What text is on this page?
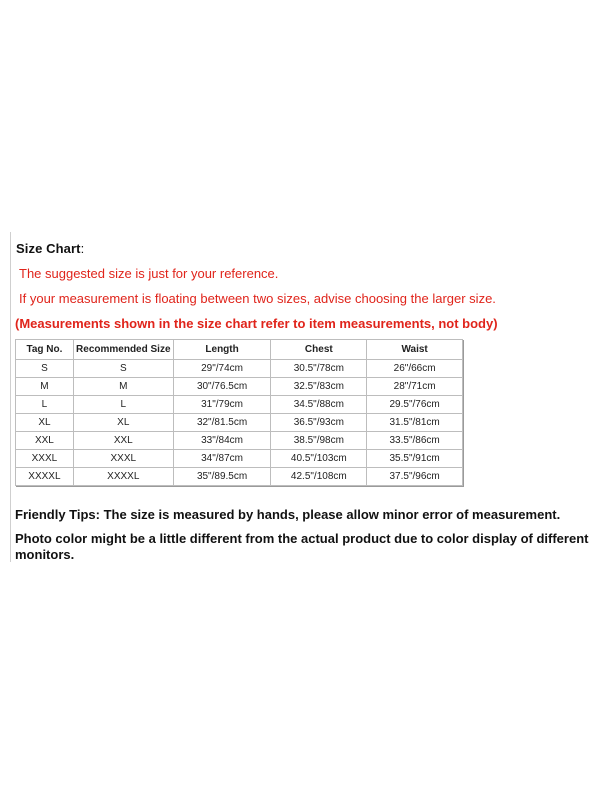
Size Chart:
The suggested size is just for your reference.
If your measurement is floating between two sizes, advise choosing the larger size.
(Measurements shown in the size chart refer to item measurements, not body)
Tag No.	Recommended Size	Length	Chest	Waist
S	S	29"/74cm	30.5"/78cm	26"/66cm
M	M	30"/76.5cm	32.5"/83cm	28"/71cm
L	L	31"/79cm	34.5"/88cm	29.5"/76cm
XL	XL	32"/81.5cm	36.5"/93cm	31.5"/81cm
XXL	XXL	33"/84cm	38.5"/98cm	33.5"/86cm
XXXL	XXXL	34"/87cm	40.5"/103cm	35.5"/91cm
XXXXL	XXXXL	35"/89.5cm	42.5"/108cm	37.5"/96cm
Friendly Tips: The size is measured by hands, please allow minor error of measurement.
Photo color might be a little different from the actual product due to color display of different monitors.
